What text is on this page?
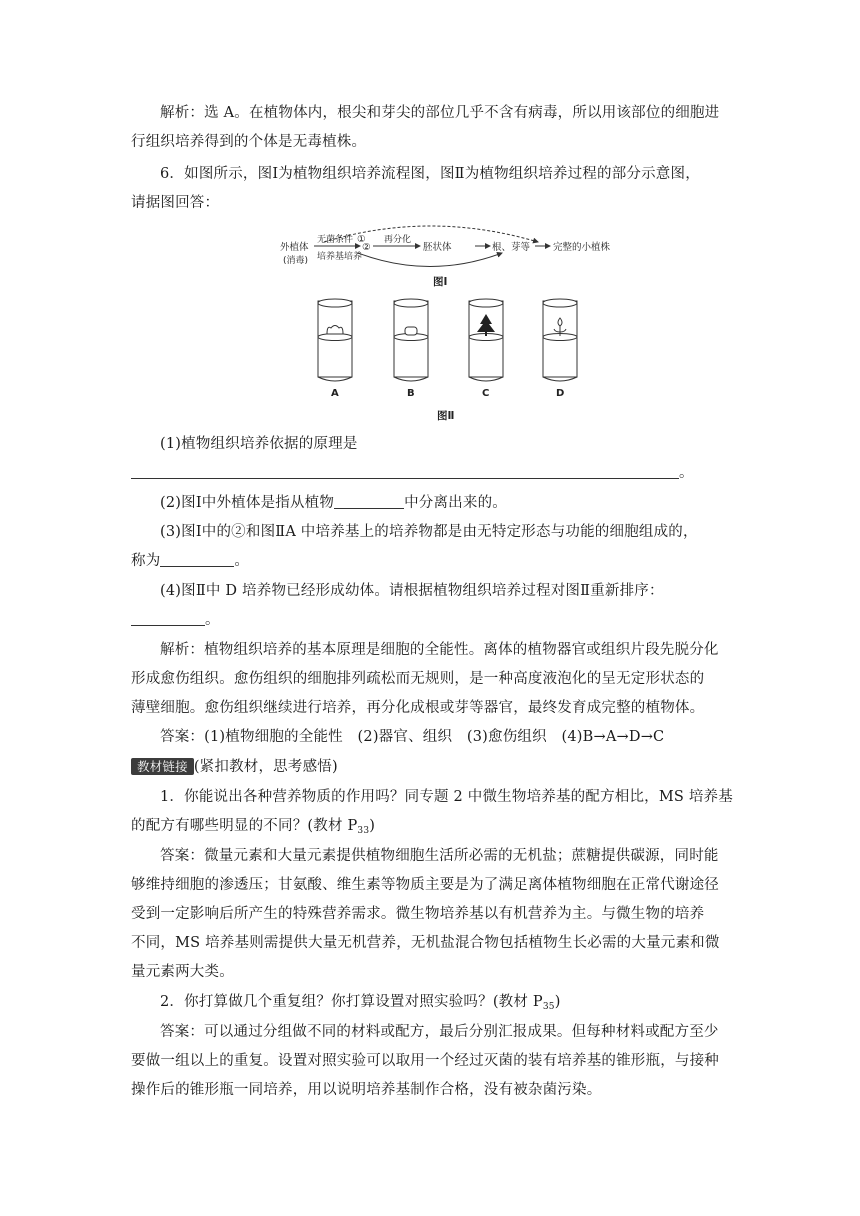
解析：选 A。在植物体内，根尖和芽尖的部位几乎不含有病毒，所以用该部位的细胞进
行组织培养得到的个体是无毒植株。
6．如图所示，图Ⅰ为植物组织培养流程图，图Ⅱ为植物组织培养过程的部分示意图，
请据图回答：
外植体
(消毒)
无菌条件 ①
培养基培养
②
再分化
胚状体	根、芽等 完整的小植株
图Ⅰ
A	B	C	D
图Ⅱ
(1)植物组织培养依据的原理是
。
(2)图Ⅰ中外植体是指从植物	中分离出来的。
(3)图Ⅰ中的②和图ⅡA 中培养基上的培养物都是由无特定形态与功能的细胞组成的，
称为	。
(4)图Ⅱ中 D 培养物已经形成幼体。请根据植物组织培养过程对图Ⅱ重新排序：
。
解析：植物组织培养的基本原理是细胞的全能性。离体的植物器官或组织片段先脱分化
形成愈伤组织。愈伤组织的细胞排列疏松而无规则，是一种高度液泡化的呈无定形状态的
薄壁细胞。愈伤组织继续进行培养，再分化成根或芽等器官，最终发育成完整的植物体。
答案：(1)植物细胞的全能性　(2)器官、组织　(3)愈伤组织　(4)B→A→D→C
教材链接 (紧扣教材，思考感悟)
1．你能说出各种营养物质的作用吗？同专题 2 中微生物培养基的配方相比，MS 培养基
的配方有哪些明显的不同？(教材 $P_{33}$)
答案：微量元素和大量元素提供植物细胞生活所必需的无机盐；蔗糖提供碳源，同时能
够维持细胞的渗透压；甘氨酸、维生素等物质主要是为了满足离体植物细胞在正常代谢途径
受到一定影响后所产生的特殊营养需求。微生物培养基以有机营养为主。与微生物的培养
不同，MS 培养基则需提供大量无机营养，无机盐混合物包括植物生长必需的大量元素和微
量元素两大类。
2．你打算做几个重复组？你打算设置对照实验吗？(教材 $P_{35}$)
答案：可以通过分组做不同的材料或配方，最后分别汇报成果。但每种材料或配方至少
要做一组以上的重复。设置对照实验可以取用一个经过灭菌的装有培养基的锥形瓶，与接种
操作后的锥形瓶一同培养，用以说明培养基制作合格，没有被杂菌污染。
